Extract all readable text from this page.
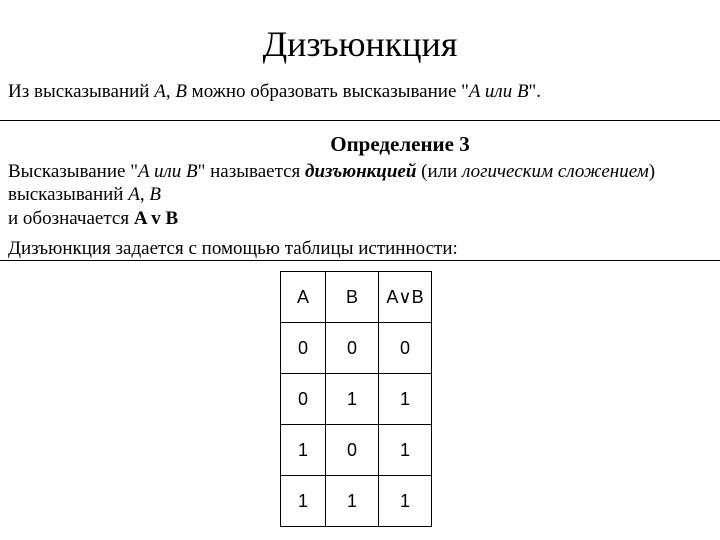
Дизъюнкция
Из высказываний A, B можно образовать высказывание "A или B".
Определение 3
Высказывание "A или B" называется дизъюнкцией (или логическим сложением)
высказываний A, B
и обозначается A v B
Дизъюнкция задается с помощью таблицы истинности:
A	B	A∨B
0	0	0
0	1	1
1	0	1
1	1	1
